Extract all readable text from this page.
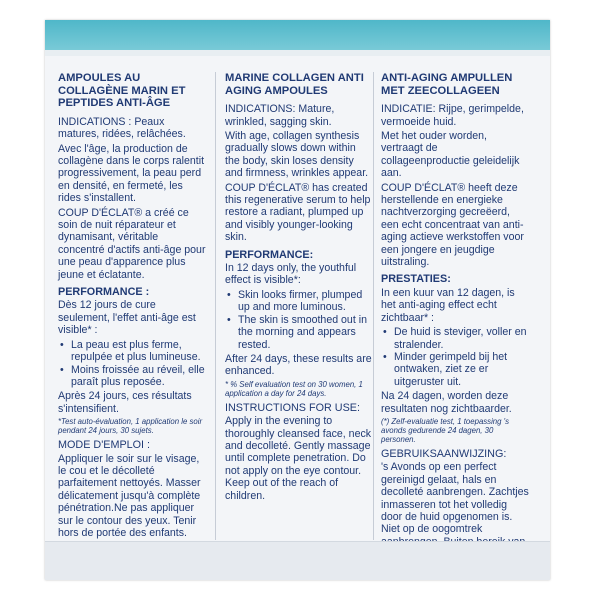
AMPOULES AU COLLAGÈNE MARIN ET PEPTIDES ANTI-ÂGE

INDICATIONS : Peaux matures, ridées, relâchées.

Avec l'âge, la production de collagène dans le corps ralentit progressivement, la peau perd en densité, en fermeté, les rides s'installent.

COUP D'ÉCLAT® a créé ce soin de nuit réparateur et dynamisant, véritable concentré d'actifs anti-âge pour une peau d'apparence plus jeune et éclatante.

PERFORMANCE :

Dès 12 jours de cure seulement, l'effet anti-âge est visible* :

• La peau est plus ferme, repulpée et plus lumineuse.
• Moins froissée au réveil, elle paraît plus reposée.

Après 24 jours, ces résultats s'intensifient.

*Test auto-évaluation, 1 application le soir pendant 24 jours, 30 sujets.

MODE D'EMPLOI :

Appliquer le soir sur le visage, le cou et le décolleté parfaitement nettoyés. Masser délicatement jusqu'à complète pénétration.Ne pas appliquer sur le contour des yeux. Tenir hors de portée des enfants.

MARINE COLLAGEN ANTI AGING AMPOULES

INDICATIONS: Mature, wrinkled, sagging skin.

With age, collagen synthesis gradually slows down within the body, skin loses density and firmness, wrinkles appear.

COUP D'ÉCLAT® has created this regenerative serum to help restore a radiant, plumped up and visibly younger-looking skin.

PERFORMANCE:

In 12 days only, the youthful effect is visible*:

• Skin looks firmer, plumped up and more luminous.
• The skin is smoothed out in the morning and appears rested.

After 24 days, these results are enhanced.

* % Self evaluation test on 30 women, 1 application a day for 24 days.

INSTRUCTIONS FOR USE:

Apply in the evening to thoroughly cleansed face, neck and decolleté. Gently massage until complete penetration. Do not apply on the eye contour. Keep out of the reach of children.

ANTI-AGING AMPULLEN MET ZEECOLLAGEEN

INDICATIE: Rijpe, gerimpelde, vermoeide huid.

Met het ouder worden, vertraagt de collageenproductie geleidelijk aan.

COUP D'ÉCLAT® heeft deze herstellende en energieke nachtverzorging gecreëerd, een echt concentraat van anti-aging actieve werkstoffen voor een jongere en jeugdige uitstraling.

PRESTATIES:

In een kuur van 12 dagen, is het anti-aging effect echt zichtbaar* :

• De huid is steviger, voller en stralender.
• Minder gerimpeld bij het ontwaken, ziet ze er uitgeruster uit.

Na 24 dagen, worden deze resultaten nog zichtbaarder.

(*) Zelf-evaluatie test, 1 toepassing 's avonds gedurende 24 dagen, 30 personen.

GEBRUIKSAANWIJZING:

's Avonds op een perfect gereinigd gelaat, hals en decolleté aanbrengen. Zachtjes inmasseren tot het volledig door de huid opgenomen is. Niet op de oogomtrek
